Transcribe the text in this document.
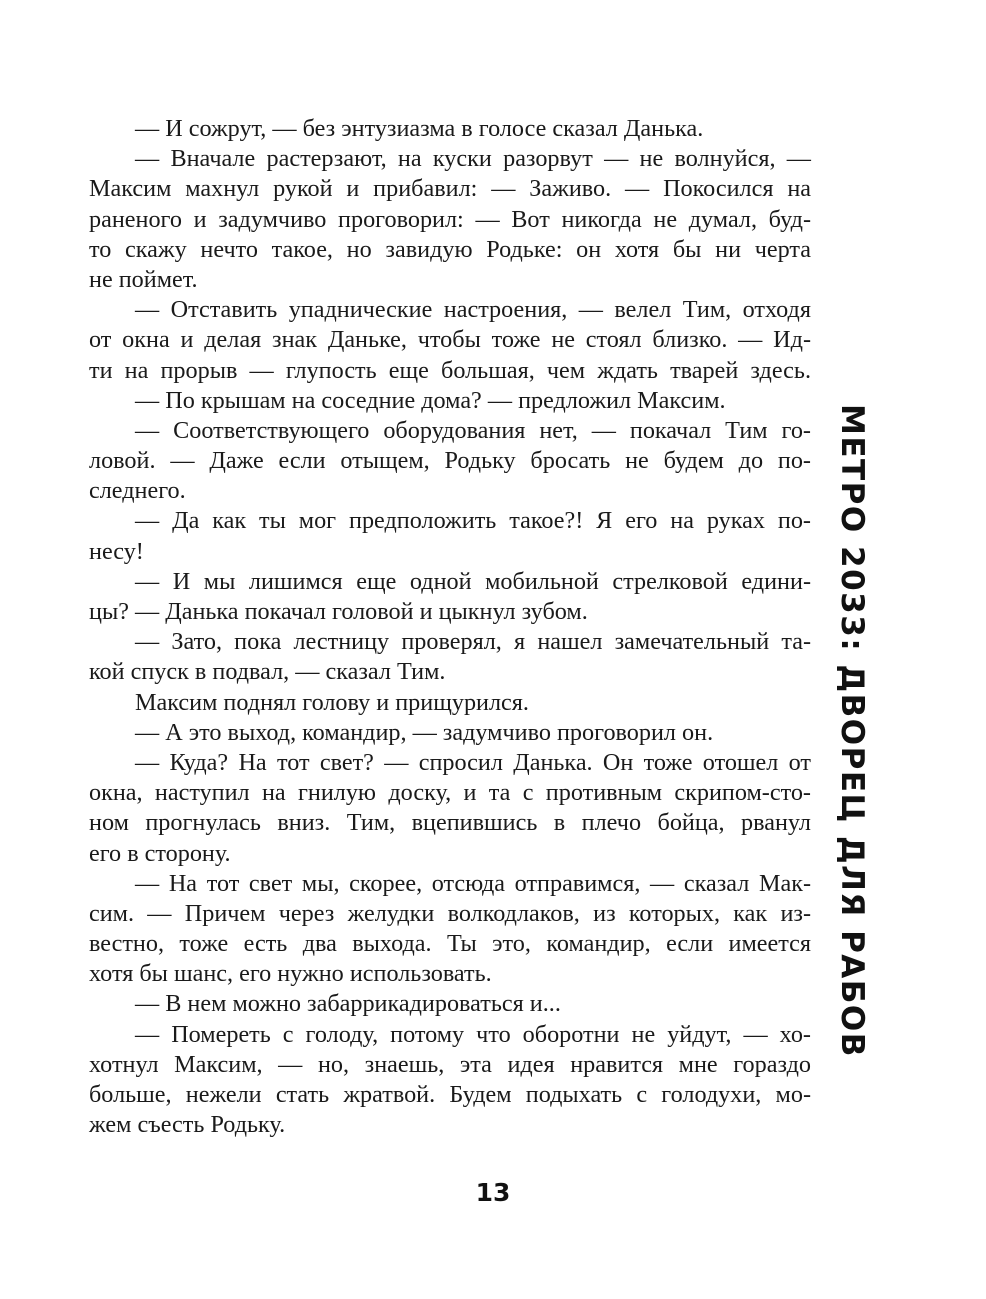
— И сожрут, — без энтузиазма в голосе сказал Данька.
— Вначале растерзают, на куски разорвут — не волнуйся, —
Максим махнул рукой и прибавил: — Заживо. — Покосился на
раненого и задумчиво проговорил: — Вот никогда не думал, буд-
то скажу нечто такое, но завидую Родьке: он хотя бы ни черта
не поймет.
— Отставить упаднические настроения, — велел Тим, отходя
от окна и делая знак Даньке, чтобы тоже не стоял близко. — Ид-
ти на прорыв — глупость еще большая, чем ждать тварей здесь.
— По крышам на соседние дома? — предложил Максим.
— Соответствующего оборудования нет, — покачал Тим го-
ловой. — Даже если отыщем, Родьку бросать не будем до по-
следнего.
— Да как ты мог предположить такое?! Я его на руках по-
несу!
— И мы лишимся еще одной мобильной стрелковой едини-
цы? — Данька покачал головой и цыкнул зубом.
— Зато, пока лестницу проверял, я нашел замечательный та-
кой спуск в подвал, — сказал Тим.
Максим поднял голову и прищурился.
— А это выход, командир, — задумчиво проговорил он.
— Куда? На тот свет? — спросил Данька. Он тоже отошел от
окна, наступил на гнилую доску, и та с противным скрипом-сто-
ном прогнулась вниз. Тим, вцепившись в плечо бойца, рванул
его в сторону.
— На тот свет мы, скорее, отсюда отправимся, — сказал Мак-
сим. — Причем через желудки волкодлаков, из которых, как из-
вестно, тоже есть два выхода. Ты это, командир, если имеется
хотя бы шанс, его нужно использовать.
— В нем можно забаррикадироваться и...
— Помереть с голоду, потому что оборотни не уйдут, — хо-
хотнул Максим, — но, знаешь, эта идея нравится мне гораздо
больше, нежели стать жратвой. Будем подыхать с голодухи, мо-
жем съесть Родьку.
МЕТРО 2033: ДВОРЕЦ ДЛЯ РАБОВ
13
